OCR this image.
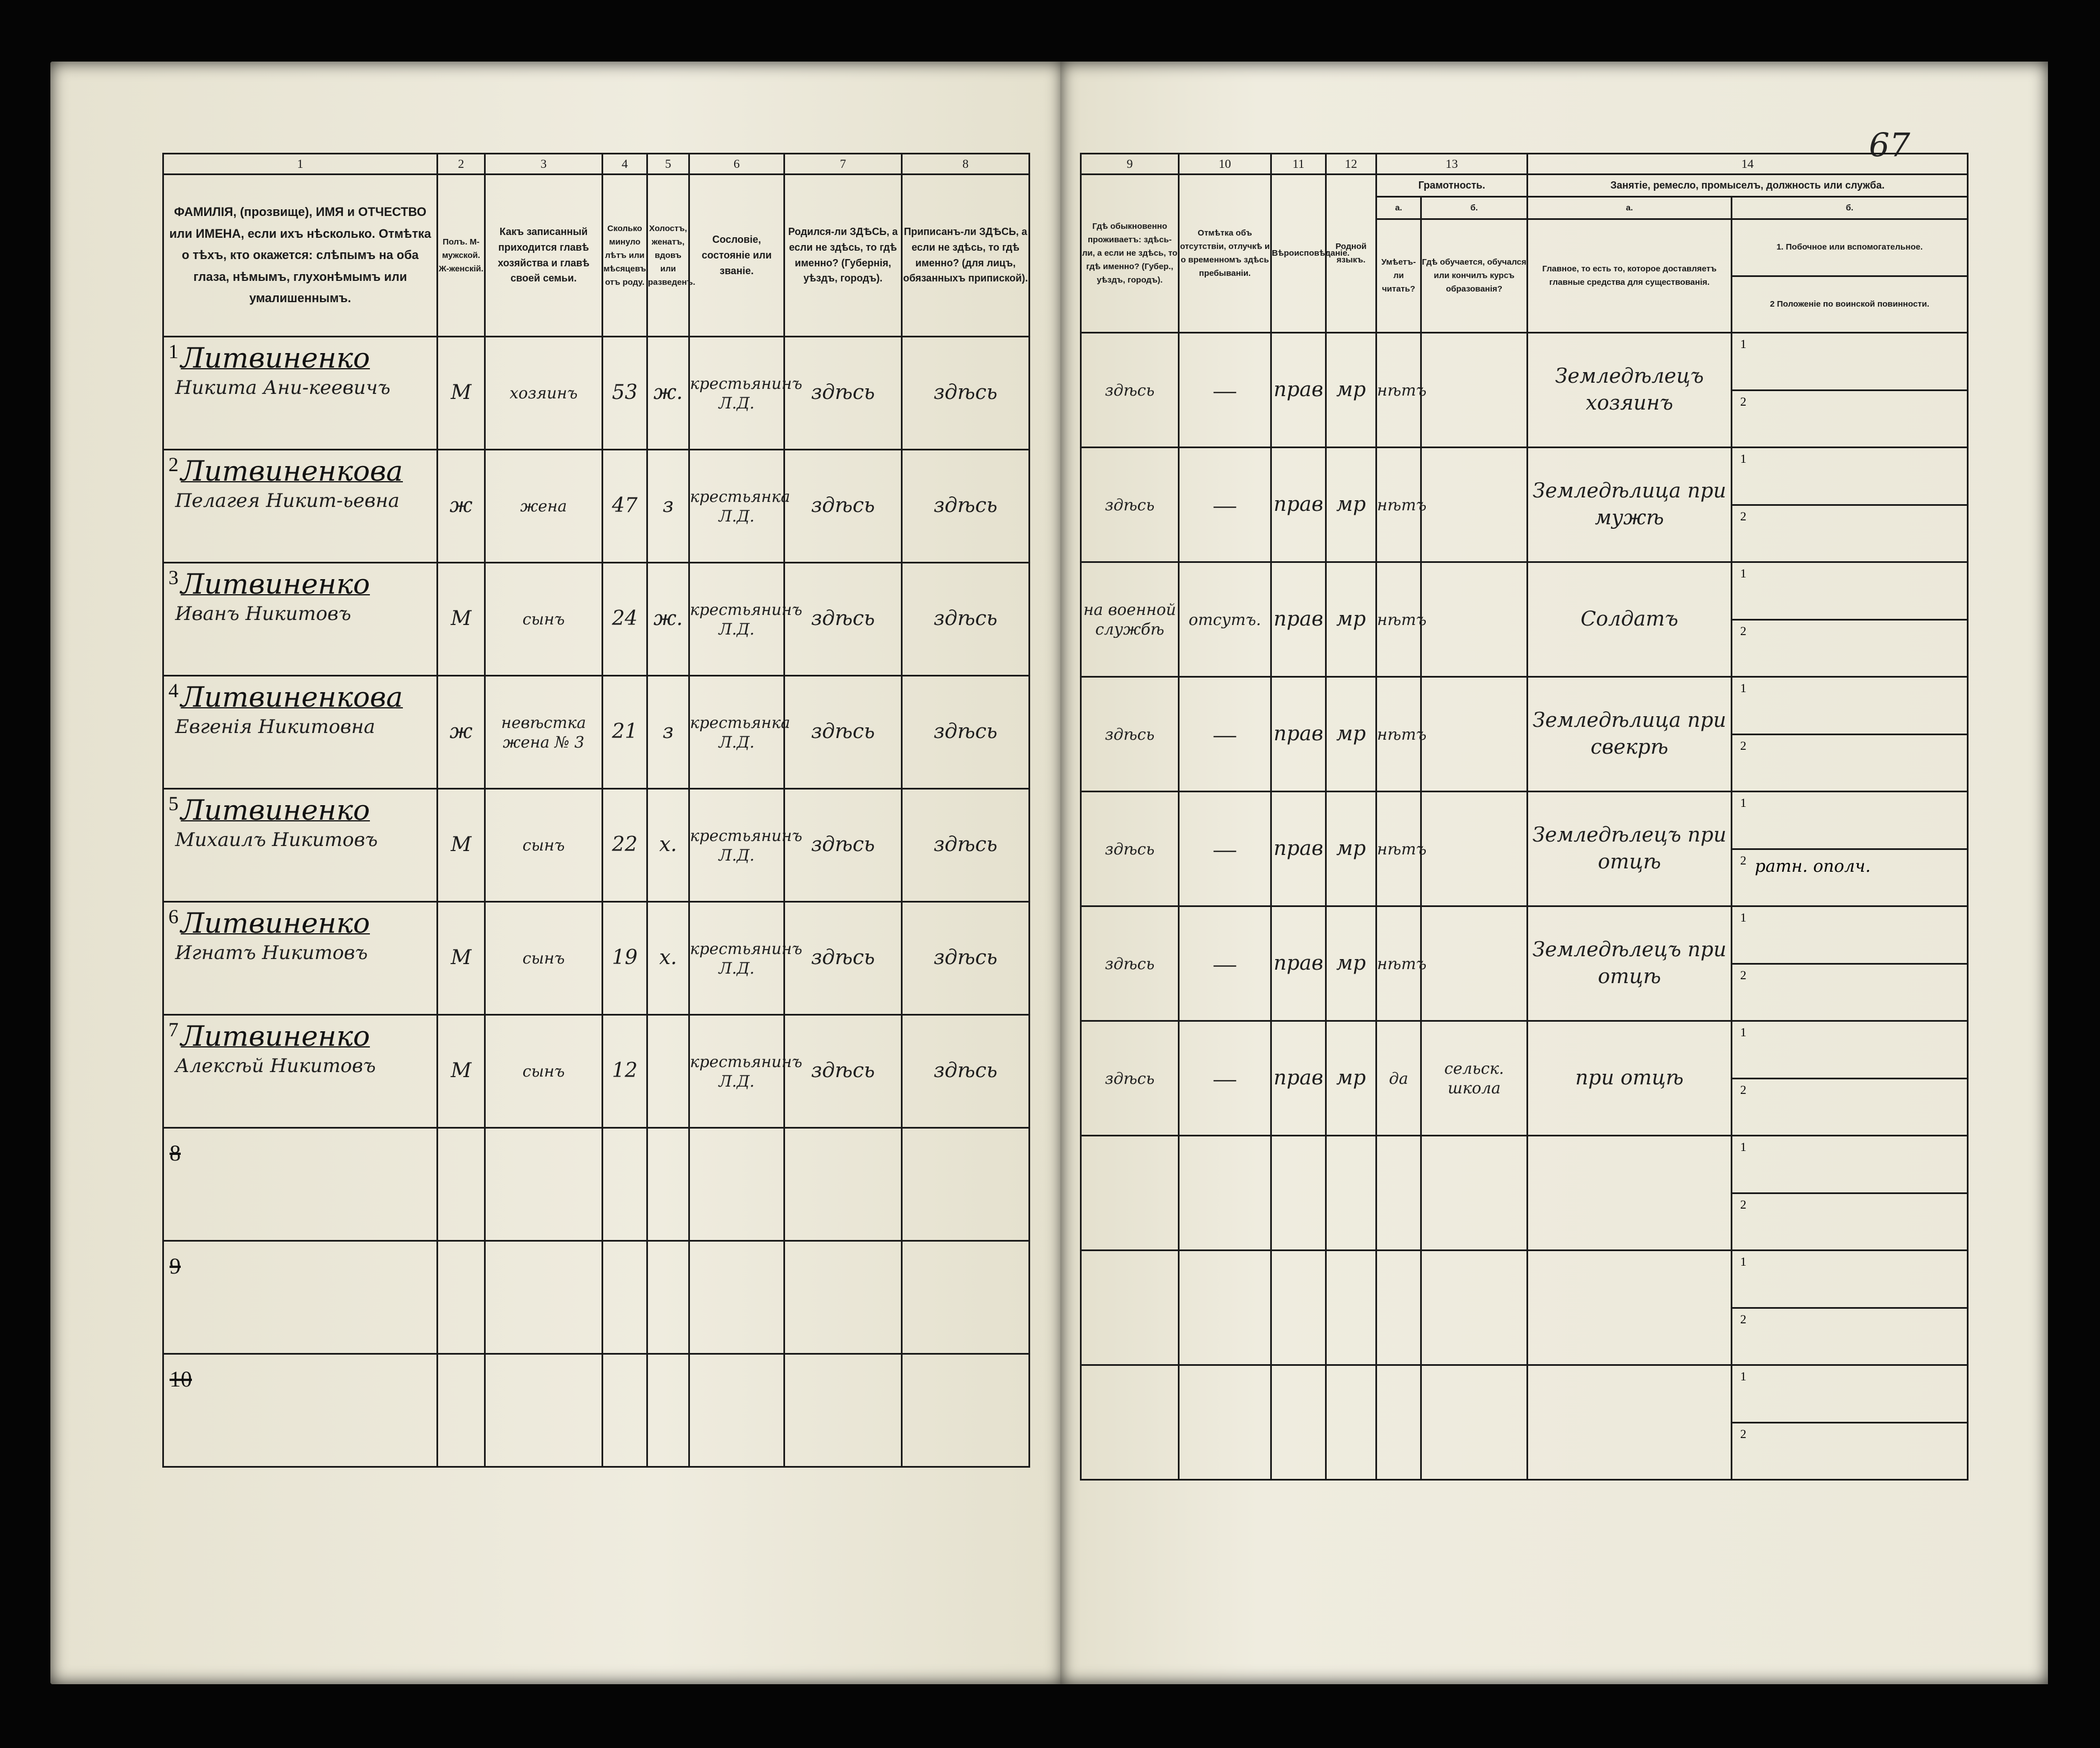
67
1	2	3	4	5	6	7	8
ФАМИЛІЯ, (прозвище), ИМЯ и ОТЧЕСТВО или ИМЕНА, если ихъ нѣсколько. Отмѣтка о тѣхъ, кто окажется: слѣпымъ на оба глаза, нѣмымъ, глухонѣмымъ или умалишеннымъ.	Полъ. М-мужской. Ж-женскій.	Какъ записанный приходится главѣ хозяйства и главѣ своей семьи.	Сколько минуло лѣтъ или мѣсяцевъ отъ роду.	Холостъ, женатъ, вдовъ или разведенъ.	Сословіе, состояніе или званіе.	Родился-ли ЗДѢСЬ, а если не здѣсь, то гдѣ именно? (Губернія, уѣздъ, городъ).	Приписанъ-ли ЗДѢСЬ, а если не здѣсь, то гдѣ именно? (для лицъ, обязанныхъ припиской).

1 Литвиненко
Никита Ани-кеевичъ	М	хозяинъ	53	ж.	крестьянинъ Л.Д.	здѣсь	здѣсь

2 Литвиненкова
Пелагея Никит-ьевна	ж	жена	47	з	крестьянка Л.Д.	здѣсь	здѣсь

3 Литвиненко
Иванъ Никитовъ	М	сынъ	24	ж.	крестьянинъ Л.Д.	здѣсь	здѣсь

4 Литвиненкова
Евгенія Никитовна	ж	невѣстка жена № 3	21	з	крестьянка Л.Д.	здѣсь	здѣсь

5 Литвиненко
Михаилъ Никитовъ	М	сынъ	22	х.	крестьянинъ Л.Д.	здѣсь	здѣсь

6 Литвиненко
Игнатъ Никитовъ	М	сынъ	19	х.	крестьянинъ Л.Д.	здѣсь	здѣсь

7 Литвиненко
Алексѣй Никитовъ	М	сынъ	12		крестьянинъ Л.Д.	здѣсь	здѣсь

8							

9							

10							

9	10	11	12	13		14	
Гдѣ обыкновенно проживаетъ: здѣсь-ли, а если не здѣсь, то гдѣ именно? (Губер., уѣздъ, городъ).	Отмѣтка объ отсутствіи, отлучкѣ и о временномъ здѣсь пребываніи.	Вѣроисповѣданіе.	Родной языкъ.	Грамотность.		Занятіе, ремесло, промыселъ, должность или служба.	
				а.	б.	а.	б.
				Умѣетъ-ли читать?	Гдѣ обучается, обучался или кончилъ курсъ образованія?	Главное, то есть то, которое доставляетъ главные средства для существованія.	1. Побочное или вспомогательное.
2 Положеніе по воинской повинности.

здѣсь	—	прав	мр	нѣтъ		Земледѣлецъ хозяинъ	1
2

здѣсь	—	прав	мр	нѣтъ		Земледѣлица при мужѣ	1
2

на военной службѣ	отсутъ.	прав	мр	нѣтъ		Солдатъ	1
2

здѣсь	—	прав	мр	нѣтъ		Земледѣлица при свекрѣ	1
2

здѣсь	—	прав	мр	нѣтъ		Земледѣлецъ при отцѣ	1
2 ратн. ополч.

здѣсь	—	прав	мр	нѣтъ		Земледѣлецъ при отцѣ	1
2

здѣсь	—	прав	мр	да	сельск. школа	при отцѣ	1
2

							1
2

							1
2

							1
2
